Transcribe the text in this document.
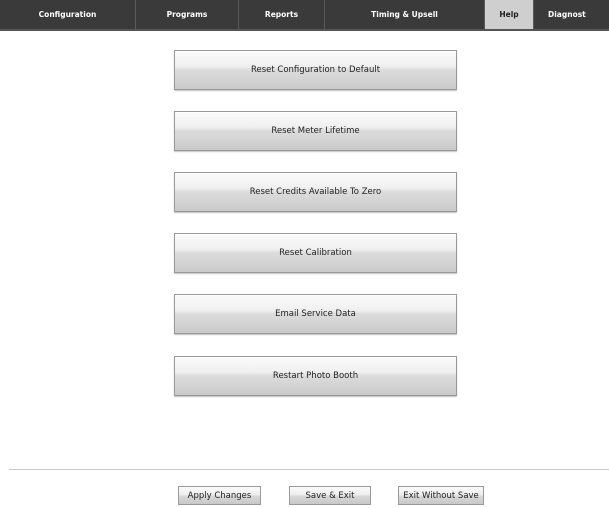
Configuration	Programs	Reports	Timing & Upsell	Help	Diagnost
Reset Configuration to Default
Reset Meter Lifetime
Reset Credits Available To Zero
Reset Calibration
Email Service Data
Restart Photo Booth
Apply Changes	Save & Exit	Exit Without Save
